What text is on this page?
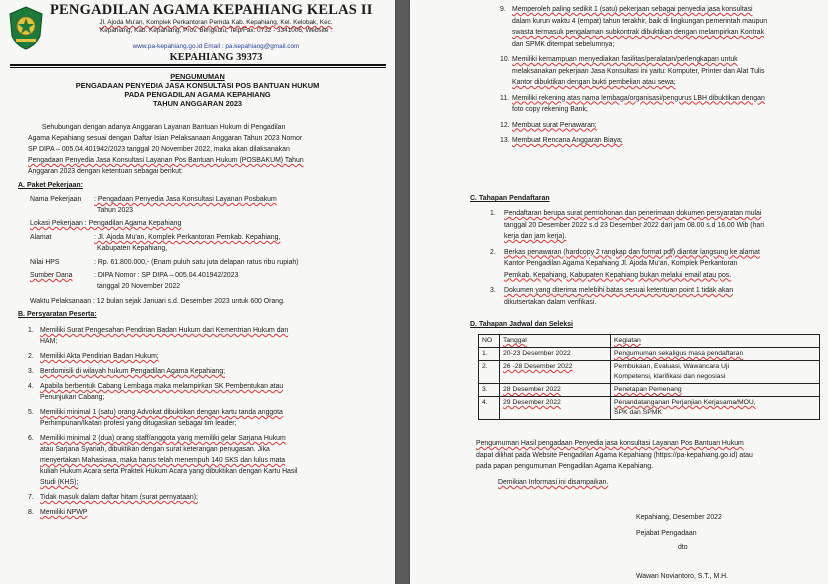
PENGADILAN AGAMA KEPAHIANG KELAS II
Jl. Ajoda Mu'an, Komplek Perkantoran Pemda Kab. Kepahiang, Kel. Kelobak, Kec.
Kepahiang, Kab. Kepahiang, Prov. Bengkulu, Telp/Fax. 0732 - 3341006, Website :
www.pa-kepahiang.go.id Email : pa.kepahiang@gmail.com
KEPAHIANG 39373
PENGUMUMAN
PENGADAAN PENYEDIA JASA KONSULTASI POS BANTUAN HUKUM
PADA PENGADILAN AGAMA KEPAHIANG
TAHUN ANGGARAN 2023
Sehubungan dengan adanya Anggaran Layanan Bantuan Hukum di Pengadilan
Agama Kepahiang sesuai dengan Daftar Isian Pelaksanaan Anggaran Tahun 2023 Nomor
SP DIPA – 005.04.401942/2023 tanggal 20 November 2022, maka akan dilaksanakan
Pengadaan Penyedia Jasa Konsultasi Layanan Pos Bantuan Hukum (POSBAKUM) Tahun
Anggaran 2023 dengan ketentuan sebagai berikut:
A. Paket Pekerjaan:
Nama Pekerjaan : Pengadaan Penyedia Jasa Konsultasi Layanan Posbakum
Tahun 2023
Lokasi Pekerjaan : Pengadilan Agama Kepahiang
Alamat	: Jl. Ajoda Mu'an, Komplek Perkantoran Pemkab. Kepahiang,
Kabupaten Kepahiang,
Nilai HPS	: Rp. 61.800.000,- (Enam puluh satu juta delapan ratus ribu rupiah)
Sumber Dana	: DIPA Nomor : SP DIPA – 005.04.401942/2023
tanggal 20 November 2022
Waktu Pelaksanaan : 12 bulan sejak Januari s.d. Desember 2023 untuk 600 Orang.
B. Persyaratan Peserta:
1. Memiliki Surat Pengesahan Pendirian Badan Hukum dari Kementrian Hukum dan
HAM;
2. Memiliki Akta Pendirian Badan Hukum;
3. Berdomisili di wilayah hukum Pengadilan Agama Kepahiang;
4. Apabila berbentuk Cabang Lembaga maka melampirkan SK Pembentukan atau
Penunjukan Cabang;
5. Memiliki minimal 1 (satu) orang Advokat dibuktikan dengan kartu tanda anggota
Perhimpunan/Ikatan profesi yang ditugaskan sebagai tim leader;
6. Memiliki minimal 2 (dua) orang staff/anggota yang memiliki gelar Sarjana Hukum
atau Sarjana Syariah, dibuktikan dengan surat keterangan penugasan. Jika
menyertakan Mahasiswa, maka harus telah menempuh 140 SKS dan lulus mata
kuliah Hukum Acara serta Praktek Hukum Acara yang dibuktikan dengan Kartu Hasil
Studi (KHS);
7. Tidak masuk dalam daftar hitam (surat pernyataan);
8. Memiliki NPWP
9. Memperoleh paling sedikit 1 (satu) pekerjaan sebagai penyedia jasa konsultasi
dalam kurun waktu 4 (empat) tahun terakhir, baik di lingkungan pemerintah maupun
swasta termasuk pengalaman subkontrak dibuktikan dengan melampirkan Kontrak
dan SPMK ditempat sebelumnya;
10. Memiliki kemampuan menyediakan fasilitas/peralatan/perlengkapan untuk
melaksanakan pekerjaan Jasa Konsultasi ini yaitu: Komputer, Printer dan Alat Tulis
Kantor dibuktikan dengan bukti pembelian atau sewa;
11. Memiliki rekening atas nama lembaga/organisasi/pengurus LBH dibuktikan dengan
foto copy rekening Bank;
12. Membuat surat Penawaran;
13. Membuat Rencana Anggaran Biaya;
C. Tahapan Pendaftaran
1. Pendaftaran berupa surat permohonan dan penerimaan dokumen persyaratan mulai
tanggal 20 Desember 2022 s.d 23 Desember 2022 dari jam 08.00 s.d 16.00 Wib (hari
kerja dan jam kerja).
2. Berkas penawaran (hardcopy 2 rangkap dan format pdf) diantar langsung ke alamat
Kantor Pengadilan Agama Kepahiang Jl. Ajoda Mu'an, Komplek Perkantoran
Pemkab. Kepahiang, Kabupaten Kepahiang bukan melalui email atau pos.
3. Dokumen yang diterima melebihi batas sesuai ketentuan point 1 tidak akan
dikutsertakan dalam verifikasi.
D. Tahapan Jadwal dan Seleksi
NO	Tanggal	Kegiatan
1.	20-23 Desember 2022	Pengumuman sekaligus masa pendaftaran

2.	26 -28 Desember 2022	Pembukaan, Evaluasi, Wawancara Uji
Kompetensi, klarifikasi dan negosiasi

3.	28 Desember 2022	Penetapan Pemenang

4.	29 Desember 2022	Penandatanganan Perjanjian Kerjasama/MOU,
SPK dan SPMK
Pengumuman Hasil pengadaan Penyedia jasa konsultasi Layanan Pos Bantuan Hukum
dapat dilihat pada Website Pengadilan Agama Kepahiang (https://pa-kepahiang.go.id) atau
pada papan pengumuman Pengadilan Agama Kepahiang.
Demikian Informasi ini disampaikan.
Kepahiang, Desember 2022
Pejabat Pengadaan
dto
Wawan Noviantoro, S.T., M.H.
